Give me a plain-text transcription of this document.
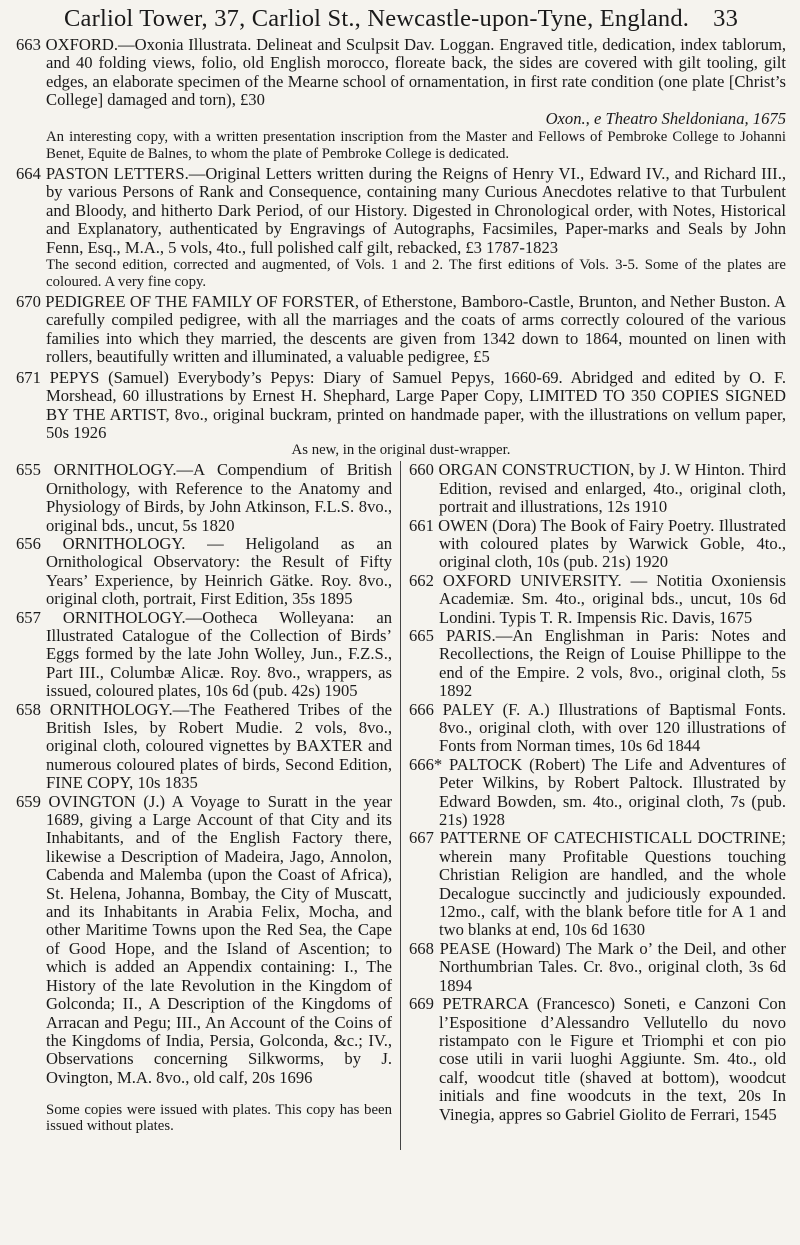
Carliol Tower, 37, Carliol St., Newcastle-upon-Tyne, England. 33

663 OXFORD.—Oxonia Illustrata. Delineat and Sculpsit Dav. Loggan. Engraved title, dedication, index tablorum, and 40 folding views, folio, old English morocco, floreate back, the sides are covered with gilt tooling, gilt edges, an elaborate specimen of the Mearne school of ornamentation, in first rate condition (one plate [Christ’s College] damaged and torn), £30

Oxon., e Theatro Sheldoniana, 1675

An interesting copy, with a written presentation inscription from the Master and Fellows of Pembroke College to Johanni Benet, Equite de Balnes, to whom the plate of Pembroke College is dedicated.

664 PASTON LETTERS.—Original Letters written during the Reigns of Henry VI., Edward IV., and Richard III., by various Persons of Rank and Consequence, containing many Curious Anecdotes relative to that Turbulent and Bloody, and hitherto Dark Period, of our History. Digested in Chronological order, with Notes, Historical and Explanatory, authenticated by Engravings of Autographs, Facsimiles, Paper-marks and Seals by John Fenn, Esq., M.A., 5 vols, 4to., full polished calf gilt, rebacked, £3 1787-1823

The second edition, corrected and augmented, of Vols. 1 and 2. The first editions of Vols. 3-5. Some of the plates are coloured. A very fine copy.

670 PEDIGREE OF THE FAMILY OF FORSTER, of Etherstone, Bamboro-Castle, Brunton, and Nether Buston. A carefully compiled pedigree, with all the marriages and the coats of arms correctly coloured of the various families into which they married, the descents are given from 1342 down to 1864, mounted on linen with rollers, beautifully written and illuminated, a valuable pedigree, £5

671 PEPYS (Samuel) Everybody’s Pepys: Diary of Samuel Pepys, 1660-69. Abridged and edited by O. F. Morshead, 60 illustrations by Ernest H. Shephard, Large Paper Copy, LIMITED TO 350 COPIES SIGNED BY THE ARTIST, 8vo., original buckram, printed on handmade paper, with the illustrations on vellum paper, 50s 1926

As new, in the original dust-wrapper.

655 ORNITHOLOGY.—A Compendium of British Ornithology, with Reference to the Anatomy and Physiology of Birds, by John Atkinson, F.L.S. 8vo., original bds., uncut, 5s 1820

656 ORNITHOLOGY. — Heligoland as an Ornithological Observatory: the Result of Fifty Years’ Experience, by Heinrich Gätke. Roy. 8vo., original cloth, portrait, First Edition, 35s 1895

657 ORNITHOLOGY.—Ootheca Wolleyana: an Illustrated Catalogue of the Collection of Birds’ Eggs formed by the late John Wolley, Jun., F.Z.S., Part III., Columbæ Alicæ. Roy. 8vo., wrappers, as issued, coloured plates, 10s 6d (pub. 42s) 1905

658 ORNITHOLOGY.—The Feathered Tribes of the British Isles, by Robert Mudie. 2 vols, 8vo., original cloth, coloured vignettes by BAXTER and numerous coloured plates of birds, Second Edition, FINE COPY, 10s 1835

659 OVINGTON (J.) A Voyage to Suratt in the year 1689, giving a Large Account of that City and its Inhabitants, and of the English Factory there, likewise a Description of Madeira, Jago, Annolon, Cabenda and Malemba (upon the Coast of Africa), St. Helena, Johanna, Bombay, the City of Muscatt, and its Inhabitants in Arabia Felix, Mocha, and other Maritime Towns upon the Red Sea, the Cape of Good Hope, and the Island of Ascention; to which is added an Appendix containing: I., The History of the late Revolution in the Kingdom of Golconda; II., A Description of the Kingdoms of Arracan and Pegu; III., An Account of the Coins of the Kingdoms of India, Persia, Golconda, &c.; IV., Observations concerning Silkworms, by J. Ovington, M.A. 8vo., old calf, 20s 1696

Some copies were issued with plates. This copy has been issued without plates.

660 ORGAN CONSTRUCTION, by J. W Hinton. Third Edition, revised and enlarged, 4to., original cloth, portrait and illustrations, 12s 1910

661 OWEN (Dora) The Book of Fairy Poetry. Illustrated with coloured plates by Warwick Goble, 4to., original cloth, 10s (pub. 21s) 1920

662 OXFORD UNIVERSITY. — Notitia Oxoniensis Academiæ. Sm. 4to., original bds., uncut, 10s 6d Londini. Typis T. R. Impensis Ric. Davis, 1675

665 PARIS.—An Englishman in Paris: Notes and Recollections, the Reign of Louise Phillippe to the end of the Empire. 2 vols, 8vo., original cloth, 5s 1892

666 PALEY (F. A.) Illustrations of Baptismal Fonts. 8vo., original cloth, with over 120 illustrations of Fonts from Norman times, 10s 6d 1844

666* PALTOCK (Robert) The Life and Adventures of Peter Wilkins, by Robert Paltock. Illustrated by Edward Bowden, sm. 4to., original cloth, 7s (pub. 21s) 1928

667 PATTERNE OF CATECHISTICALL DOCTRINE; wherein many Profitable Questions touching Christian Religion are handled, and the whole Decalogue succinctly and judiciously expounded. 12mo., calf, with the blank before title for A 1 and two blanks at end, 10s 6d 1630

668 PEASE (Howard) The Mark o’ the Deil, and other Northumbrian Tales. Cr. 8vo., original cloth, 3s 6d 1894

669 PETRARCA (Francesco) Soneti, e Canzoni Con l’Espositione d’Alessandro Vellutello du novo ristampato con le Figure et Triomphi et con pio cose utili in varii luoghi Aggiunte. Sm. 4to., old calf, woodcut title (shaved at bottom), woodcut initials and fine woodcuts in the text, 20s In Vinegia, appres so Gabriel Giolito de Ferrari, 1545
